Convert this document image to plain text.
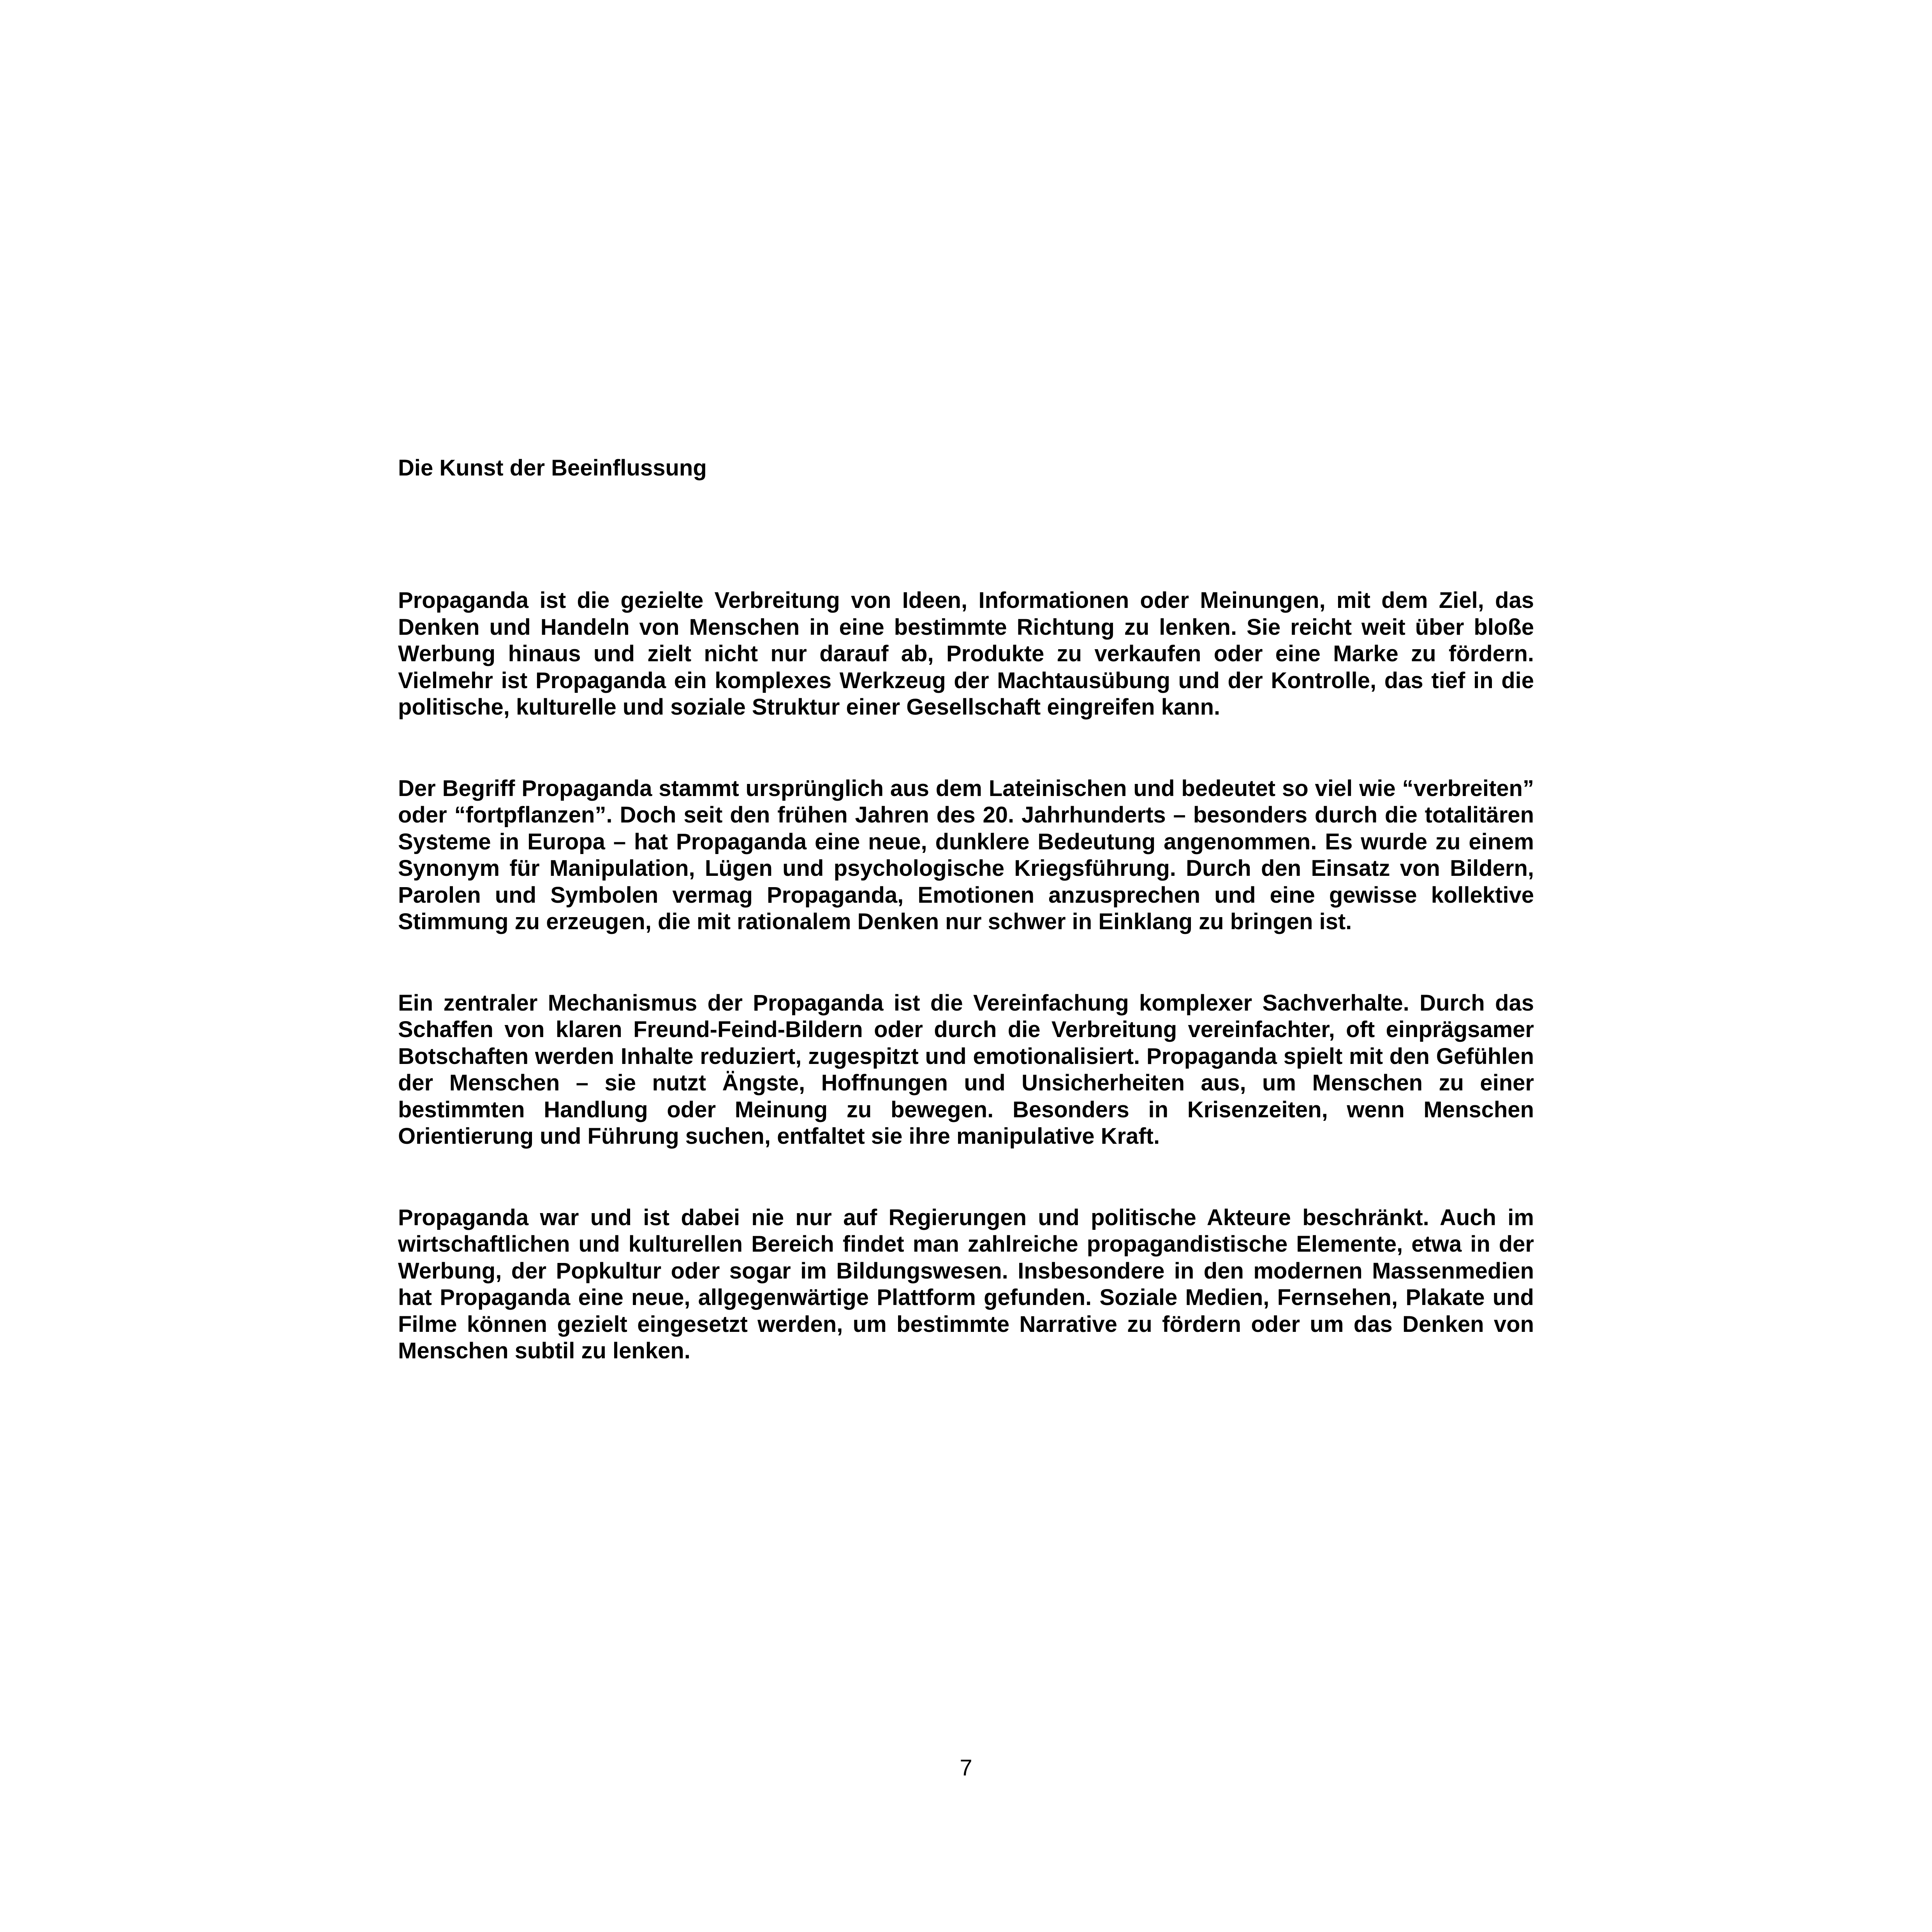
Die Kunst der Beeinflussung

Propaganda ist die gezielte Verbreitung von Ideen, Informationen oder Meinungen, mit dem Ziel, das Denken und Handeln von Menschen in eine bestimmte Richtung zu lenken. Sie reicht weit über bloße Werbung hinaus und zielt nicht nur darauf ab, Produkte zu verkaufen oder eine Marke zu fördern. Vielmehr ist Propaganda ein komplexes Werkzeug der Machtausübung und der Kontrolle, das tief in die politische, kulturelle und soziale Struktur einer Gesellschaft eingreifen kann.

Der Begriff Propaganda stammt ursprünglich aus dem Lateinischen und bedeutet so viel wie “verbreiten” oder “fortpflanzen”. Doch seit den frühen Jahren des 20. Jahrhunderts – besonders durch die totalitären Systeme in Europa – hat Propaganda eine neue, dunklere Bedeutung angenommen. Es wurde zu einem Synonym für Manipulation, Lügen und psychologische Kriegsführung. Durch den Einsatz von Bildern, Parolen und Symbolen vermag Propaganda, Emotionen anzusprechen und eine gewisse kollektive Stimmung zu erzeugen, die mit rationalem Denken nur schwer in Einklang zu bringen ist.

Ein zentraler Mechanismus der Propaganda ist die Vereinfachung komplexer Sachverhalte. Durch das Schaffen von klaren Freund-Feind-Bildern oder durch die Verbreitung vereinfachter, oft einprägsamer Botschaften werden Inhalte reduziert, zugespitzt und emotionalisiert. Propaganda spielt mit den Gefühlen der Menschen – sie nutzt Ängste, Hoffnungen und Unsicherheiten aus, um Menschen zu einer bestimmten Handlung oder Meinung zu bewegen. Besonders in Krisenzeiten, wenn Menschen Orientierung und Führung suchen, entfaltet sie ihre manipulative Kraft.

Propaganda war und ist dabei nie nur auf Regierungen und politische Akteure beschränkt. Auch im wirtschaftlichen und kulturellen Bereich findet man zahlreiche propagandistische Elemente, etwa in der Werbung, der Popkultur oder sogar im Bildungswesen. Insbesondere in den modernen Massenmedien hat Propaganda eine neue, allgegenwärtige Plattform gefunden. Soziale Medien, Fernsehen, Plakate und Filme können gezielt eingesetzt werden, um bestimmte Narrative zu fördern oder um das Denken von Menschen subtil zu lenken.

7
